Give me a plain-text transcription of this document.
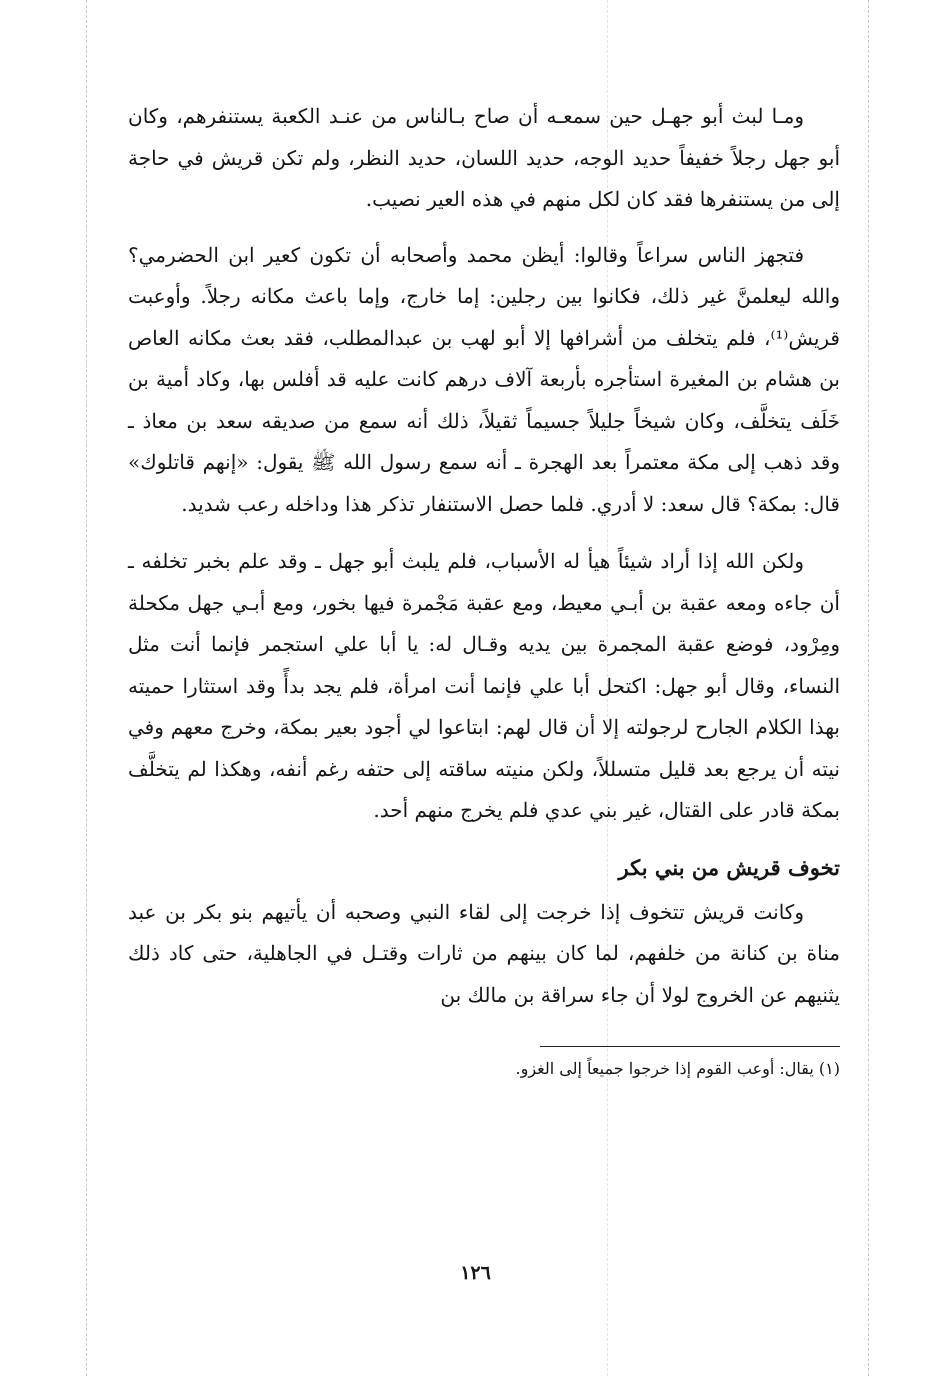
ومـا لبث أبو جهـل حين سمعـه أن صاح بـالناس من عنـد الكعبة يستنفرهم، وكان أبو جهل رجلاً خفيفاً حديد الوجه، حديد اللسان، حديد النظر، ولم تكن قريش في حاجة إلى من يستنفرها فقد كان لكل منهم في هذه العير نصيب.

فتجهز الناس سراعاً وقالوا: أيظن محمد وأصحابه أن تكون كعير ابن الحضرمي؟ والله ليعلمنَّ غير ذلك، فكانوا بين رجلين: إما خارج، وإما باعث مكانه رجلاً. وأوعبت قريش⁽¹⁾، فلم يتخلف من أشرافها إلا أبو لهب بن عبدالمطلب، فقد بعث مكانه العاص بن هشام بن المغيرة استأجره بأربعة آلاف درهم كانت عليه قد أفلس بها، وكاد أمية بن خَلَف يتخلَّف، وكان شيخاً جليلاً جسيماً ثقيلاً، ذلك أنه سمع من صديقه سعد بن معاذ ـ وقد ذهب إلى مكة معتمراً بعد الهجرة ـ أنه سمع رسول الله ﷺ يقول: «إنهم قاتلوك» قال: بمكة؟ قال سعد: لا أدري. فلما حصل الاستنفار تذكر هذا وداخله رعب شديد.

ولكن الله إذا أراد شيئاً هيأ له الأسباب، فلم يلبث أبو جهل ـ وقد علم بخبر تخلفه ـ أن جاءه ومعه عقبة بن أبـي معيط، ومع عقبة مَجْمرة فيها بخور، ومع أبـي جهل مكحلة ومِرْود، فوضع عقبة المجمرة بين يديه وقـال له: يا أبا علي استجمر فإنما أنت مثل النساء، وقال أبو جهل: اكتحل أبا علي فإنما أنت امرأة، فلم يجد بدأً وقد استثارا حميته بهذا الكلام الجارح لرجولته إلا أن قال لهم: ابتاعوا لي أجود بعير بمكة، وخرج معهم وفي نيته أن يرجع بعد قليل متسللاً، ولكن منيته ساقته إلى حتفه رغم أنفه، وهكذا لم يتخلَّف بمكة قادر على القتال، غير بني عدي فلم يخرج منهم أحد.

تخوف قريش من بني بكر

وكانت قريش تتخوف إذا خرجت إلى لقاء النبي وصحبه أن يأتيهم بنو بكر بن عبد مناة بن كنانة من خلفهم، لما كان بينهم من ثارات وقتـل في الجاهلية، حتى كاد ذلك يثنيهم عن الخروج لولا أن جاء سراقة بن مالك بن

(١) يقال: أوعب القوم إذا خرجوا جميعاً إلى الغزو.

١٢٦
